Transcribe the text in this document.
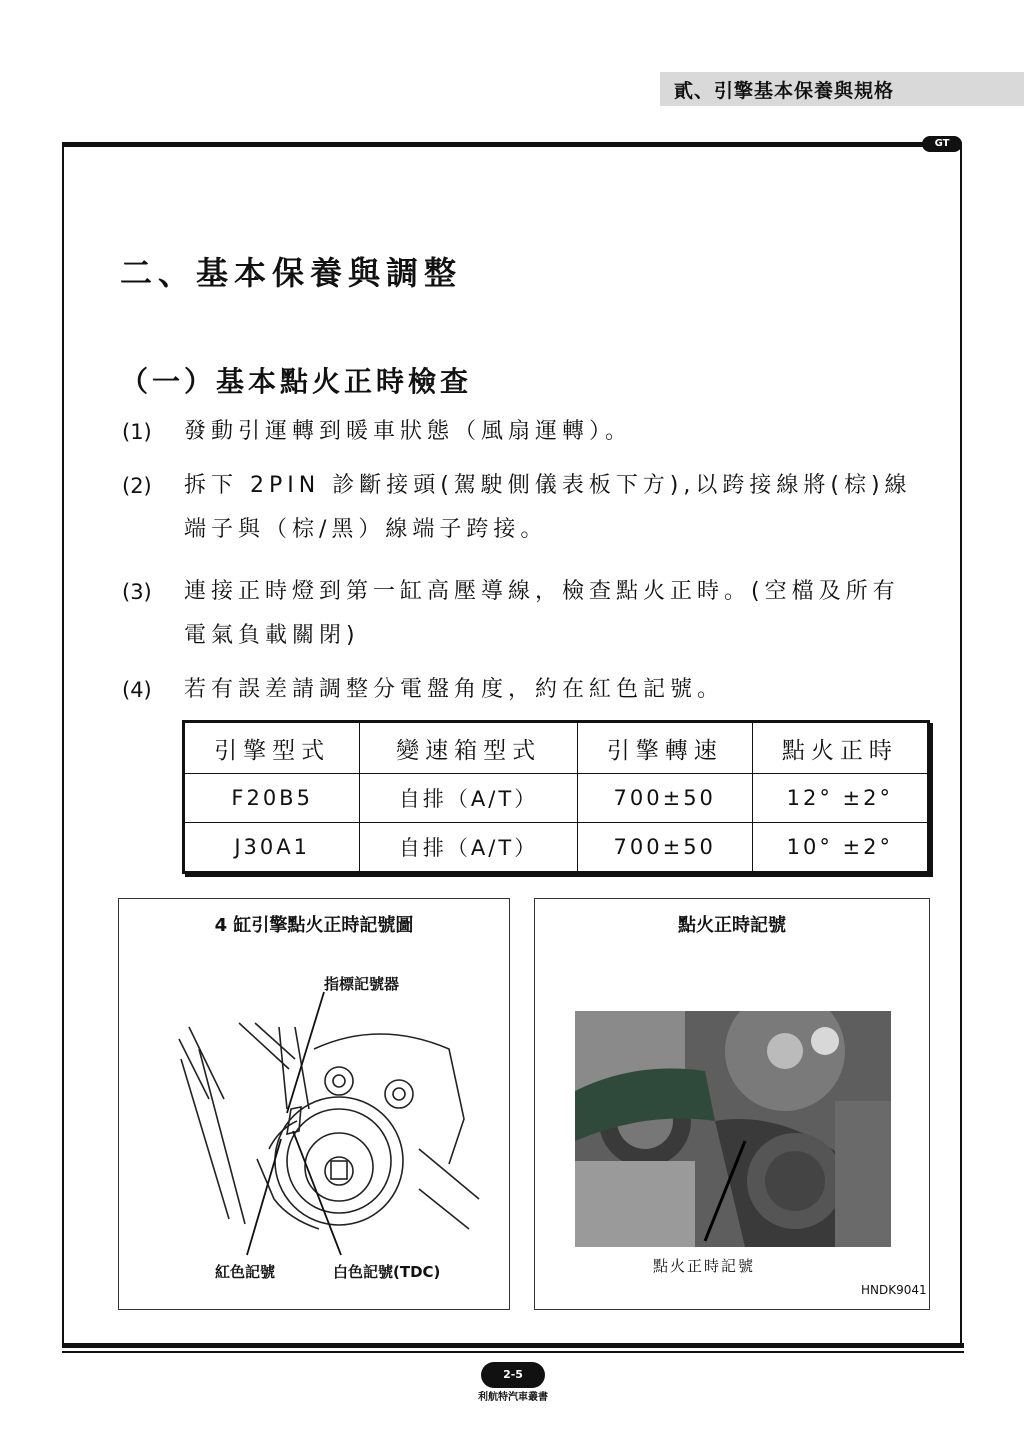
貳、引擎基本保養與規格
GT
二、基本保養與調整
（一）基本點火正時檢查
(1) 發動引運轉到暖車狀態（風扇運轉）。
(2) 拆下 2PIN 診斷接頭(駕駛側儀表板下方),以跨接線將(棕)線端子與（棕/黑）線端子跨接。
(3) 連接正時燈到第一缸高壓導線，檢查點火正時。(空檔及所有電氣負載關閉)
(4) 若有誤差請調整分電盤角度，約在紅色記號。
引擎型式	變速箱型式	引擎轉速	點火正時
F20B5	自排（A/T）	700±50	12° ±2°
J30A1	自排（A/T）	700±50	10° ±2°
4 缸引擎點火正時記號圖
指標記號器
紅色記號	白色記號(TDC)
點火正時記號
點火正時記號
HNDK9041
2-5
利航特汽車叢書
